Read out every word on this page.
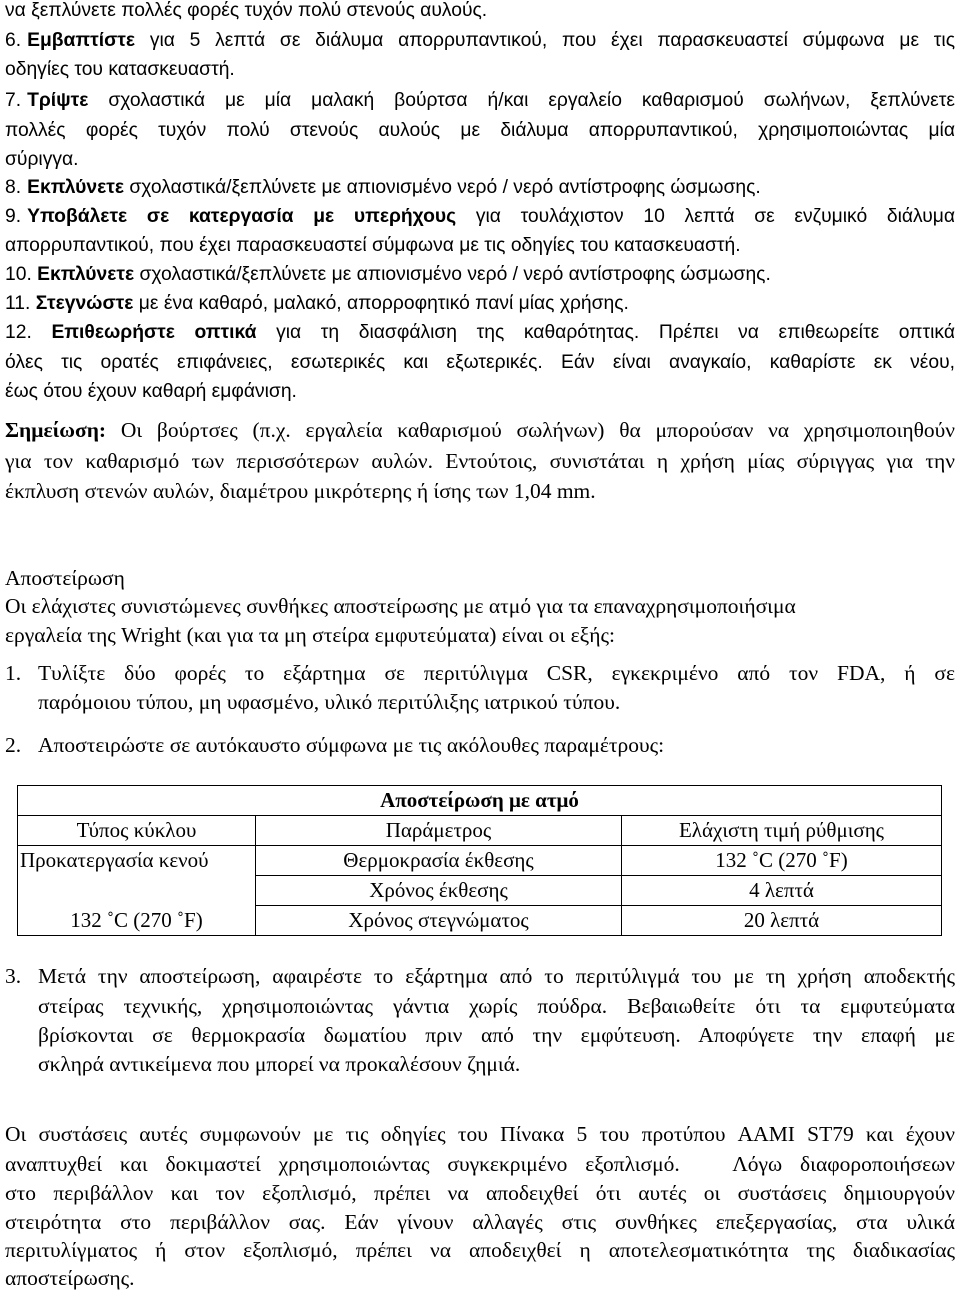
να ξεπλύνετε πολλές φορές τυχόν πολύ στενούς αυλούς.
6. Εμβαπτίστε για 5 λεπτά σε διάλυμα απορρυπαντικού, που έχει παρασκευαστεί σύμφωνα με τις
οδηγίες του κατασκευαστή.
7. Τρίψτε σχολαστικά με μία μαλακή βούρτσα ή/και εργαλείο καθαρισμού σωλήνων, ξεπλύνετε
πολλές φορές τυχόν πολύ στενούς αυλούς με διάλυμα απορρυπαντικού, χρησιμοποιώντας μία
σύριγγα.
8. Εκπλύνετε σχολαστικά/ξεπλύνετε με απιονισμένο νερό / νερό αντίστροφης ώσμωσης.
9. Υποβάλετε σε κατεργασία με υπερήχους για τουλάχιστον 10 λεπτά σε ενζυμικό διάλυμα
απορρυπαντικού, που έχει παρασκευαστεί σύμφωνα με τις οδηγίες του κατασκευαστή.
10. Εκπλύνετε σχολαστικά/ξεπλύνετε με απιονισμένο νερό / νερό αντίστροφης ώσμωσης.
11. Στεγνώστε με ένα καθαρό, μαλακό, απορροφητικό πανί μίας χρήσης.
12. Επιθεωρήστε οπτικά για τη διασφάλιση της καθαρότητας. Πρέπει να επιθεωρείτε οπτικά
όλες τις ορατές επιφάνειες, εσωτερικές και εξωτερικές. Εάν είναι αναγκαίο, καθαρίστε εκ νέου,
έως ότου έχουν καθαρή εμφάνιση.
Σημείωση: Οι βούρτσες (π.χ. εργαλεία καθαρισμού σωλήνων) θα μπορούσαν να χρησιμοποιηθούν
για τον καθαρισμό των περισσότερων αυλών. Εντούτοις, συνιστάται η χρήση μίας σύριγγας για την
έκπλυση στενών αυλών, διαμέτρου μικρότερης ή ίσης των 1,04 mm.
Αποστείρωση
Οι ελάχιστες συνιστώμενες συνθήκες αποστείρωσης με ατμό για τα επαναχρησιμοποιήσιμα
εργαλεία της Wright (και για τα μη στείρα εμφυτεύματα) είναι οι εξής:
1. Τυλίξτε δύο φορές το εξάρτημα σε περιτύλιγμα CSR, εγκεκριμένο από τον FDA, ή σε
παρόμοιου τύπου, μη υφασμένο, υλικό περιτύλιξης ιατρικού τύπου.
2. Αποστειρώστε σε αυτόκαυστο σύμφωνα με τις ακόλουθες παραμέτρους:
Αποστείρωση με ατμό		
Τύπος κύκλου	Παράμετρος	Ελάχιστη τιμή ρύθμισης
Προκατεργασία κενού	Θερμοκρασία έκθεσης	132 ˚C (270 ˚F)
	Χρόνος έκθεσης	4 λεπτά
132 ˚C (270 ˚F)	Χρόνος στεγνώματος	20 λεπτά
3. Μετά την αποστείρωση, αφαιρέστε το εξάρτημα από το περιτύλιγμά του με τη χρήση αποδεκτής
στείρας τεχνικής, χρησιμοποιώντας γάντια χωρίς πούδρα. Βεβαιωθείτε ότι τα εμφυτεύματα
βρίσκονται σε θερμοκρασία δωματίου πριν από την εμφύτευση. Αποφύγετε την επαφή με
σκληρά αντικείμενα που μπορεί να προκαλέσουν ζημιά.
Οι συστάσεις αυτές συμφωνούν με τις οδηγίες του Πίνακα 5 του προτύπου AAMI ST79 και έχουν
αναπτυχθεί και δοκιμαστεί χρησιμοποιώντας συγκεκριμένο εξοπλισμό.   Λόγω διαφοροποιήσεων
στο περιβάλλον και τον εξοπλισμό, πρέπει να αποδειχθεί ότι αυτές οι συστάσεις δημιουργούν
στειρότητα στο περιβάλλον σας. Εάν γίνουν αλλαγές στις συνθήκες επεξεργασίας, στα υλικά
περιτυλίγματος ή στον εξοπλισμό, πρέπει να αποδειχθεί η αποτελεσματικότητα της διαδικασίας
αποστείρωσης.
